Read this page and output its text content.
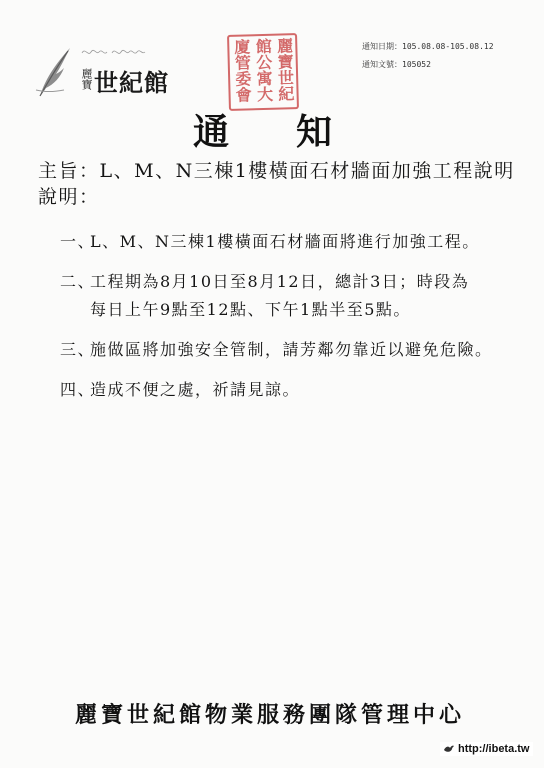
麗寶 世紀館	麗寶世紀
館公寓大
廈管委會	通知日期：105.08.08-105.08.12
通知文號：105052
通 知
主旨：L、M、N三棟1樓橫面石材牆面加強工程說明
說明：
一、
L、M、N三棟1樓橫面石材牆面將進行加強工程。
二、
工程期為8月10日至8月12日，總計3日；時段為每日上午9點至12點、下午1點半至5點。
三、
施做區將加強安全管制，請芳鄰勿靠近以避免危險。
四、
造成不便之處，祈請見諒。
麗寶世紀館物業服務團隊管理中心
http://ibeta.tw
